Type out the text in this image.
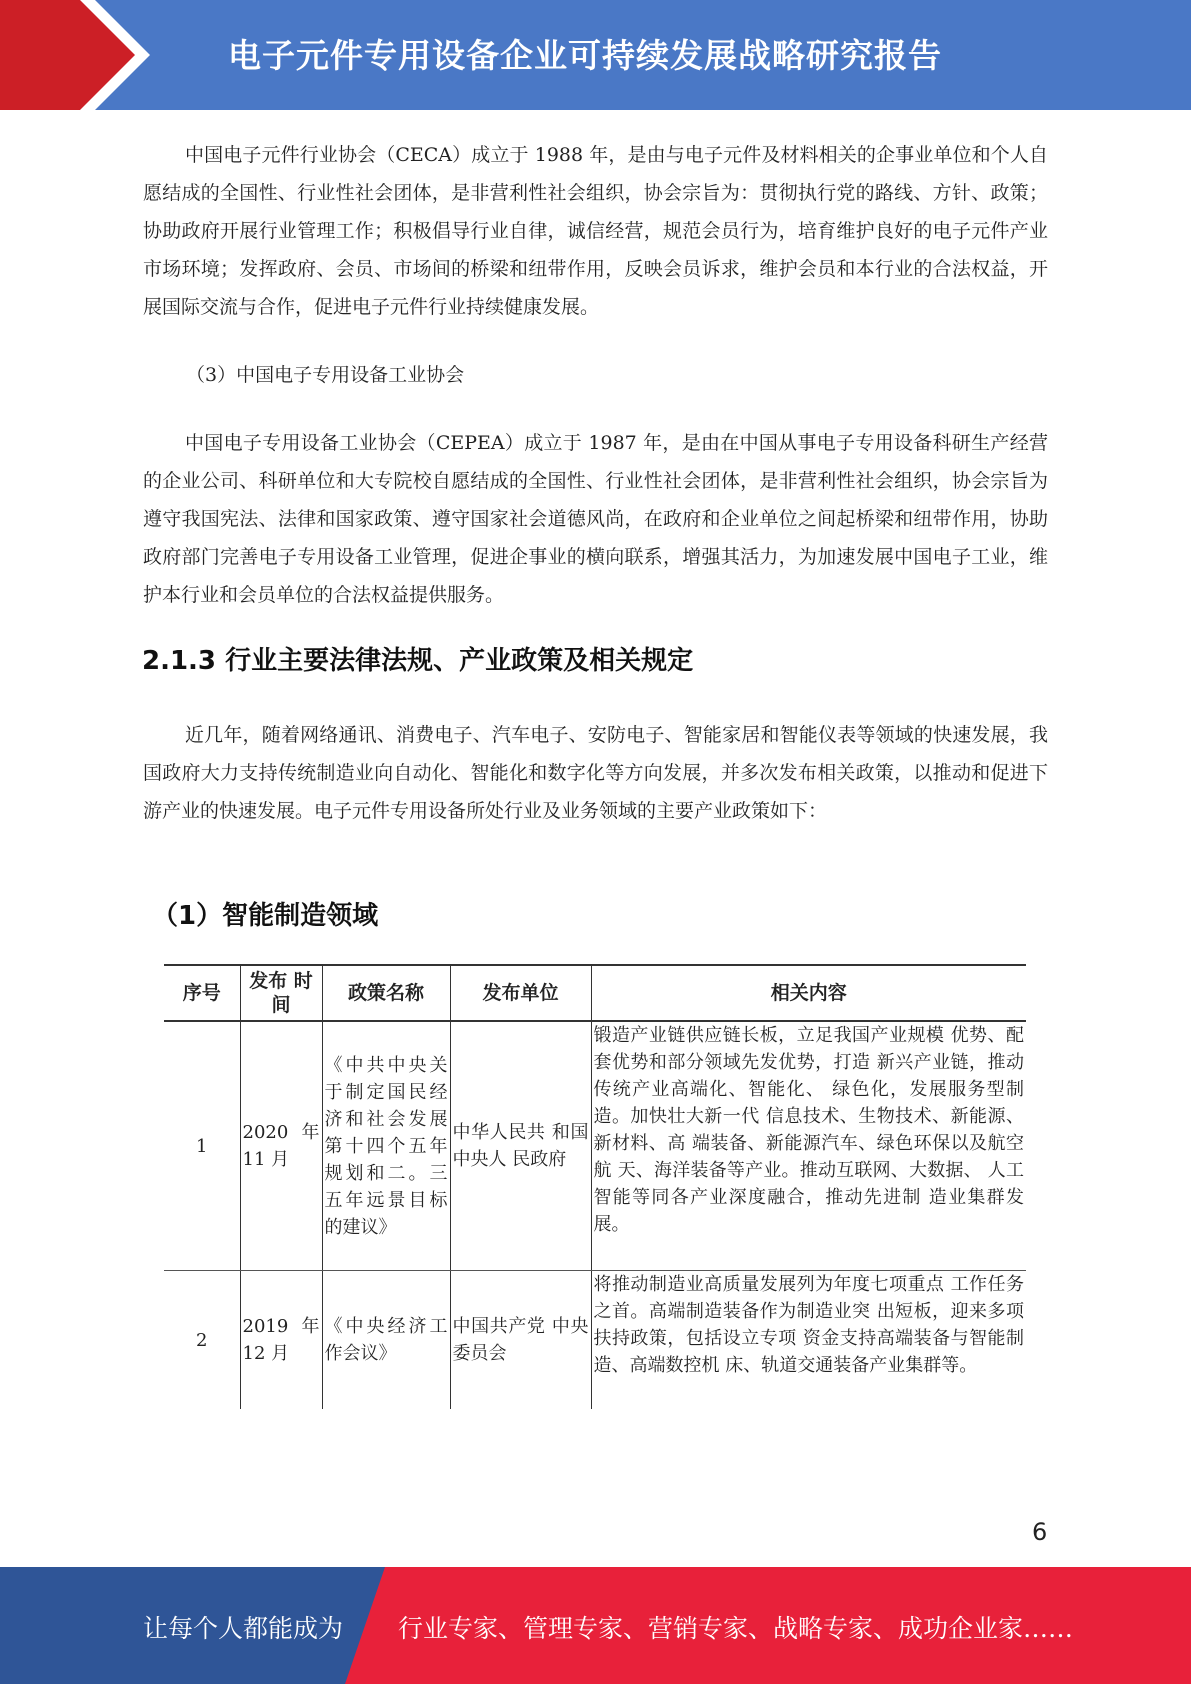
电子元件专用设备企业可持续发展战略研究报告

中国电子元件行业协会（CECA）成立于 1988 年，是由与电子元件及材料相关的企事业单位和个人自愿结成的全国性、行业性社会团体，是非营利性社会组织，协会宗旨为：贯彻执行党的路线、方针、政策；协助政府开展行业管理工作；积极倡导行业自律，诚信经营，规范会员行为，培育维护良好的电子元件产业市场环境；发挥政府、会员、市场间的桥梁和纽带作用，反映会员诉求，维护会员和本行业的合法权益，开展国际交流与合作，促进电子元件行业持续健康发展。

（3）中国电子专用设备工业协会

中国电子专用设备工业协会（CEPEA）成立于 1987 年，是由在中国从事电子专用设备科研生产经营的企业公司、科研单位和大专院校自愿结成的全国性、行业性社会团体，是非营利性社会组织，协会宗旨为遵守我国宪法、法律和国家政策、遵守国家社会道德风尚，在政府和企业单位之间起桥梁和纽带作用，协助政府部门完善电子专用设备工业管理，促进企事业的横向联系，增强其活力，为加速发展中国电子工业，维护本行业和会员单位的合法权益提供服务。

2.1.3 行业主要法律法规、产业政策及相关规定

近几年，随着网络通讯、消费电子、汽车电子、安防电子、智能家居和智能仪表等领域的快速发展，我国政府大力支持传统制造业向自动化、智能化和数字化等方向发展，并多次发布相关政策，以推动和促进下游产业的快速发展。电子元件专用设备所处行业及业务领域的主要产业政策如下：

（1）智能制造领域
序号	发布 时间	政策名称	发布单位	相关内容
1	2020 年 11 月	《中共中央关于制定国民经济和社会发展第十四个五年规划和二。三五年远景目标的建议》	中华人民共 和国中央人 民政府	锻造产业链供应链长板，立足我国产业规模 优势、配套优势和部分领域先发优势，打造 新兴产业链，推动传统产业高端化、智能化、 绿色化，发展服务型制造。加快壮大新一代 信息技术、生物技术、新能源、新材料、高 端装备、新能源汽车、绿色环保以及航空航 天、海洋装备等产业。推动互联网、大数据、 人工智能等同各产业深度融合，推动先进制 造业集群发展。
2	2019 年 12 月	《中央经济工作会议》	中国共产党 中央委员会	将推动制造业高质量发展列为年度七项重点 工作任务之首。高端制造装备作为制造业突 出短板，迎来多项扶持政策，包括设立专项 资金支持高端装备与智能制造、高端数控机 床、轨道交通装备产业集群等。
6
让每个人都能成为 行业专家、管理专家、营销专家、战略专家、成功企业家……
